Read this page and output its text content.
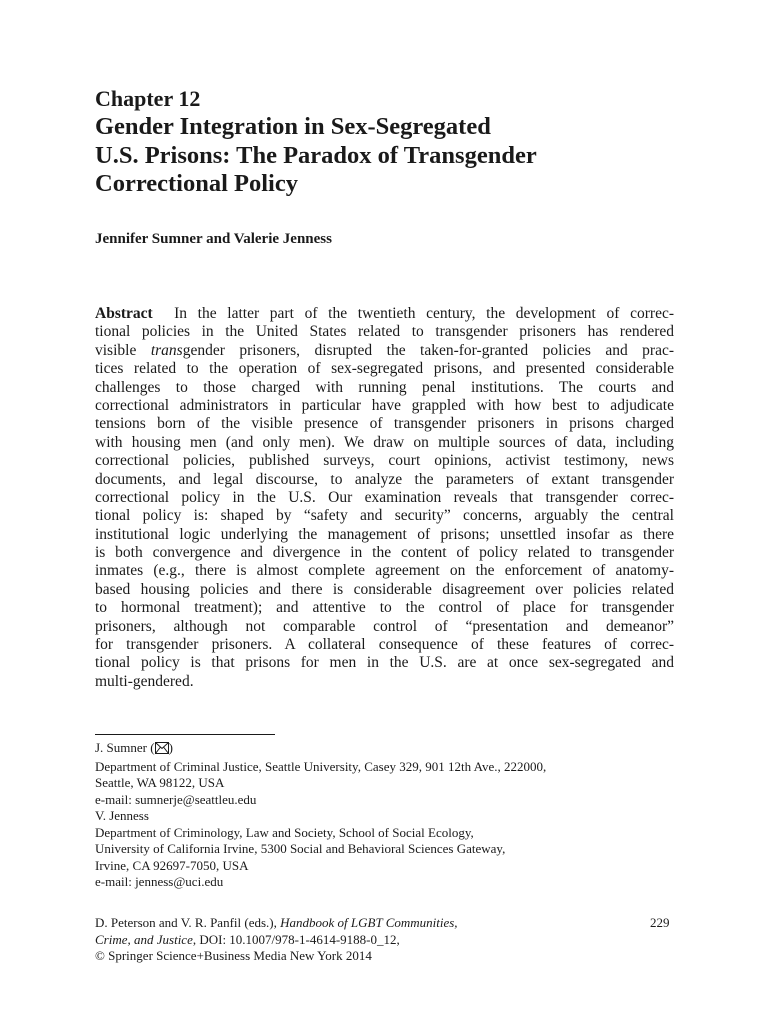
Chapter 12
Gender Integration in Sex-Segregated
U.S. Prisons: The Paradox of Transgender
Correctional Policy
Jennifer Sumner and Valerie Jenness
Abstract In the latter part of the twentieth century, the development of correc-
tional policies in the United States related to transgender prisoners has rendered
visible transgender prisoners, disrupted the taken-for-granted policies and prac-
tices related to the operation of sex-segregated prisons, and presented considerable
challenges to those charged with running penal institutions. The courts and
correctional administrators in particular have grappled with how best to adjudicate
tensions born of the visible presence of transgender prisoners in prisons charged
with housing men (and only men). We draw on multiple sources of data, including
correctional policies, published surveys, court opinions, activist testimony, news
documents, and legal discourse, to analyze the parameters of extant transgender
correctional policy in the U.S. Our examination reveals that transgender correc-
tional policy is: shaped by “safety and security” concerns, arguably the central
institutional logic underlying the management of prisons; unsettled insofar as there
is both convergence and divergence in the content of policy related to transgender
inmates (e.g., there is almost complete agreement on the enforcement of anatomy-
based housing policies and there is considerable disagreement over policies related
to hormonal treatment); and attentive to the control of place for transgender
prisoners, although not comparable control of “presentation and demeanor”
for transgender prisoners. A collateral consequence of these features of correc-
tional policy is that prisons for men in the U.S. are at once sex-segregated and
multi-gendered.
J. Sumner ( )
Department of Criminal Justice, Seattle University, Casey 329, 901 12th Ave., 222000,
Seattle, WA 98122, USA
e-mail: sumnerje@seattleu.edu
V. Jenness
Department of Criminology, Law and Society, School of Social Ecology,
University of California Irvine, 5300 Social and Behavioral Sciences Gateway,
Irvine, CA 92697-7050, USA
e-mail: jenness@uci.edu
D. Peterson and V. R. Panfil (eds.), Handbook of LGBT Communities,
Crime, and Justice, DOI: 10.1007/978-1-4614-9188-0_12,
© Springer Science+Business Media New York 2014
229
